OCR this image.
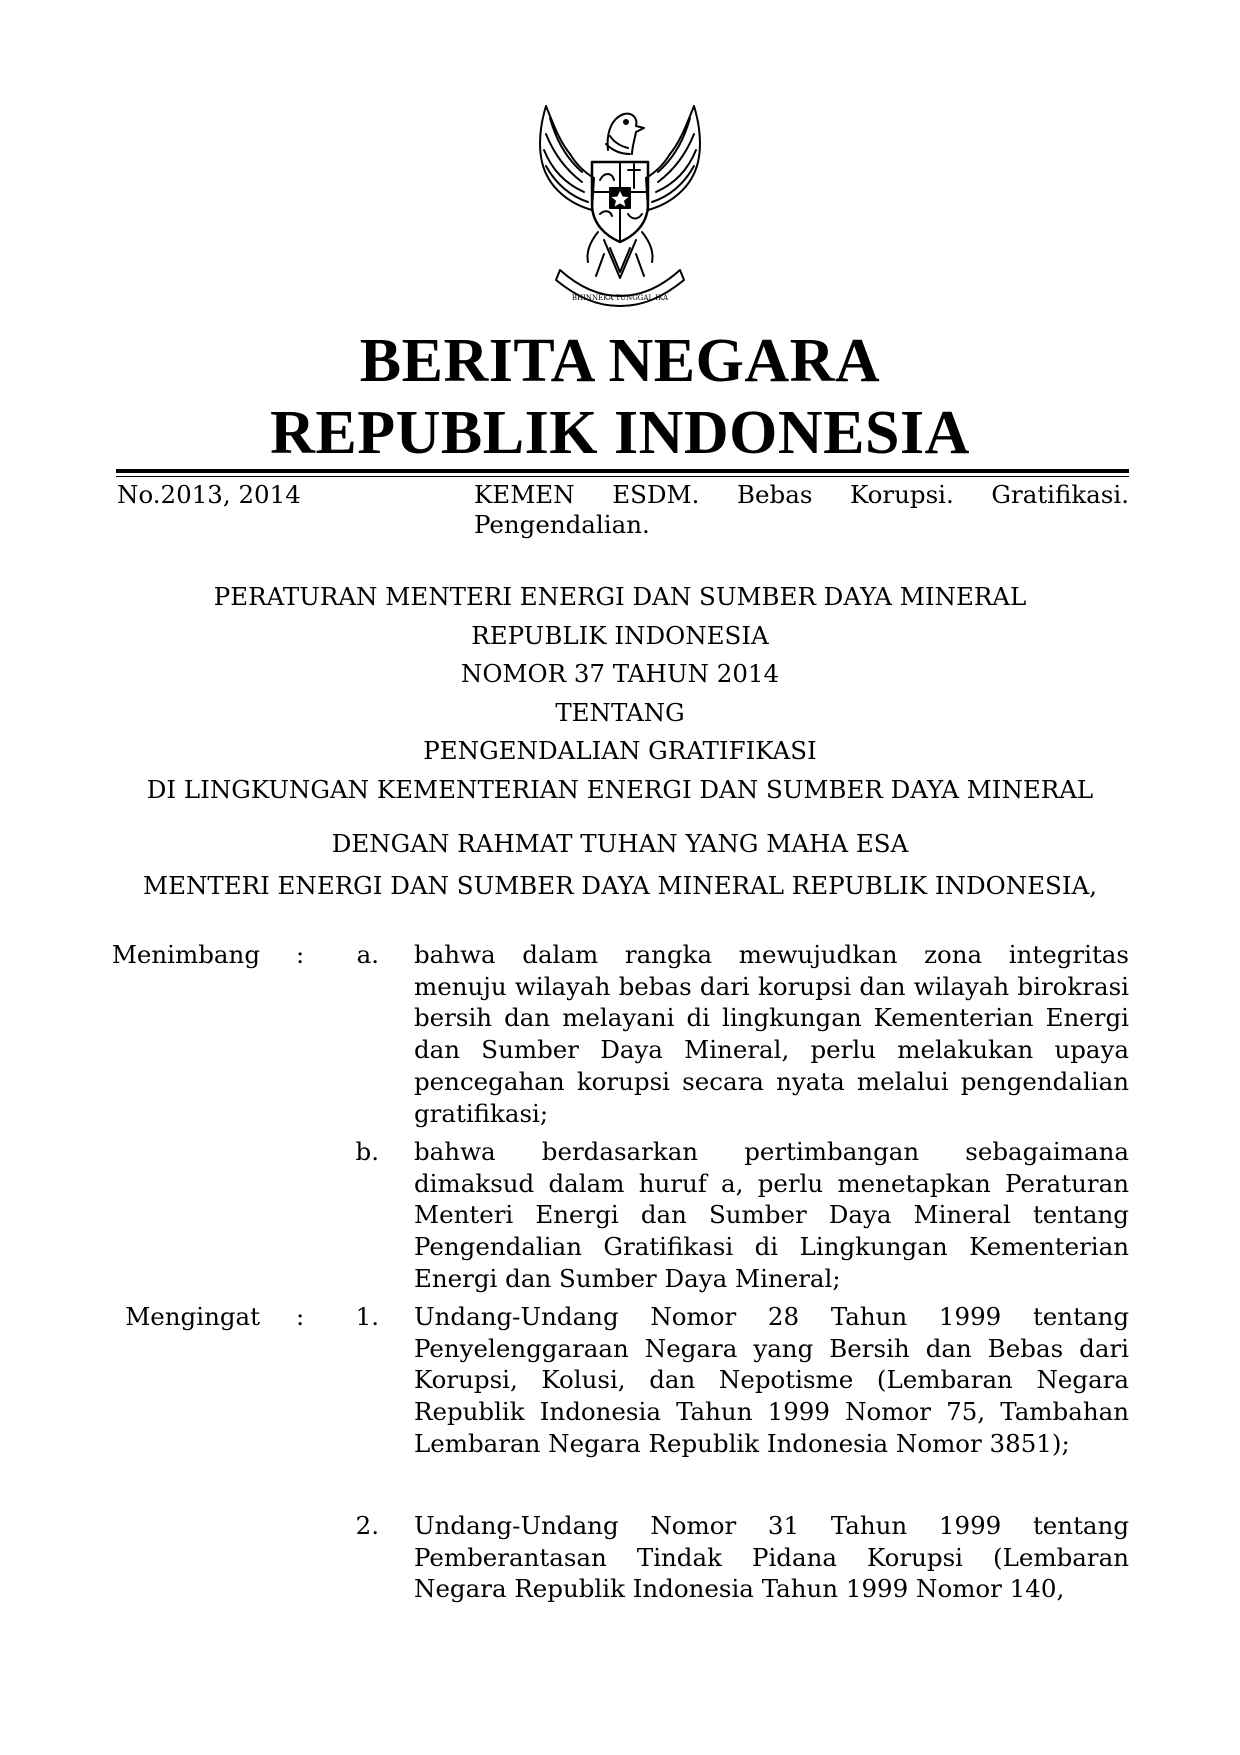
BHINNEKA TUNGGAL IKA
BERITA NEGARA
REPUBLIK INDONESIA
No.2013, 2014	KEMEN ESDM. Bebas Korupsi. Gratifikasi.
Pengendalian.
PERATURAN MENTERI ENERGI DAN SUMBER DAYA MINERAL
REPUBLIK INDONESIA
NOMOR 37 TAHUN 2014
TENTANG
PENGENDALIAN GRATIFIKASI
DI LINGKUNGAN KEMENTERIAN ENERGI DAN SUMBER DAYA MINERAL
DENGAN RAHMAT TUHAN YANG MAHA ESA
MENTERI ENERGI DAN SUMBER DAYA MINERAL REPUBLIK INDONESIA,
Menimbang :	a. bahwa dalam rangka mewujudkan zona integritas menuju wilayah bebas dari korupsi dan wilayah birokrasi bersih dan melayani di lingkungan Kementerian Energi dan Sumber Daya Mineral, perlu melakukan upaya pencegahan korupsi secara nyata melalui pengendalian gratifikasi;
b. bahwa berdasarkan pertimbangan sebagaimana dimaksud dalam huruf a, perlu menetapkan Peraturan Menteri Energi dan Sumber Daya Mineral tentang Pengendalian Gratifikasi di Lingkungan Kementerian Energi dan Sumber Daya Mineral;
Mengingat :	1. Undang-Undang Nomor 28 Tahun 1999 tentang Penyelenggaraan Negara yang Bersih dan Bebas dari Korupsi, Kolusi, dan Nepotisme (Lembaran Negara Republik Indonesia Tahun 1999 Nomor 75, Tambahan Lembaran Negara Republik Indonesia Nomor 3851);
2. Undang-Undang Nomor 31 Tahun 1999 tentang Pemberantasan Tindak Pidana Korupsi (Lembaran Negara Republik Indonesia Tahun 1999 Nomor 140,
